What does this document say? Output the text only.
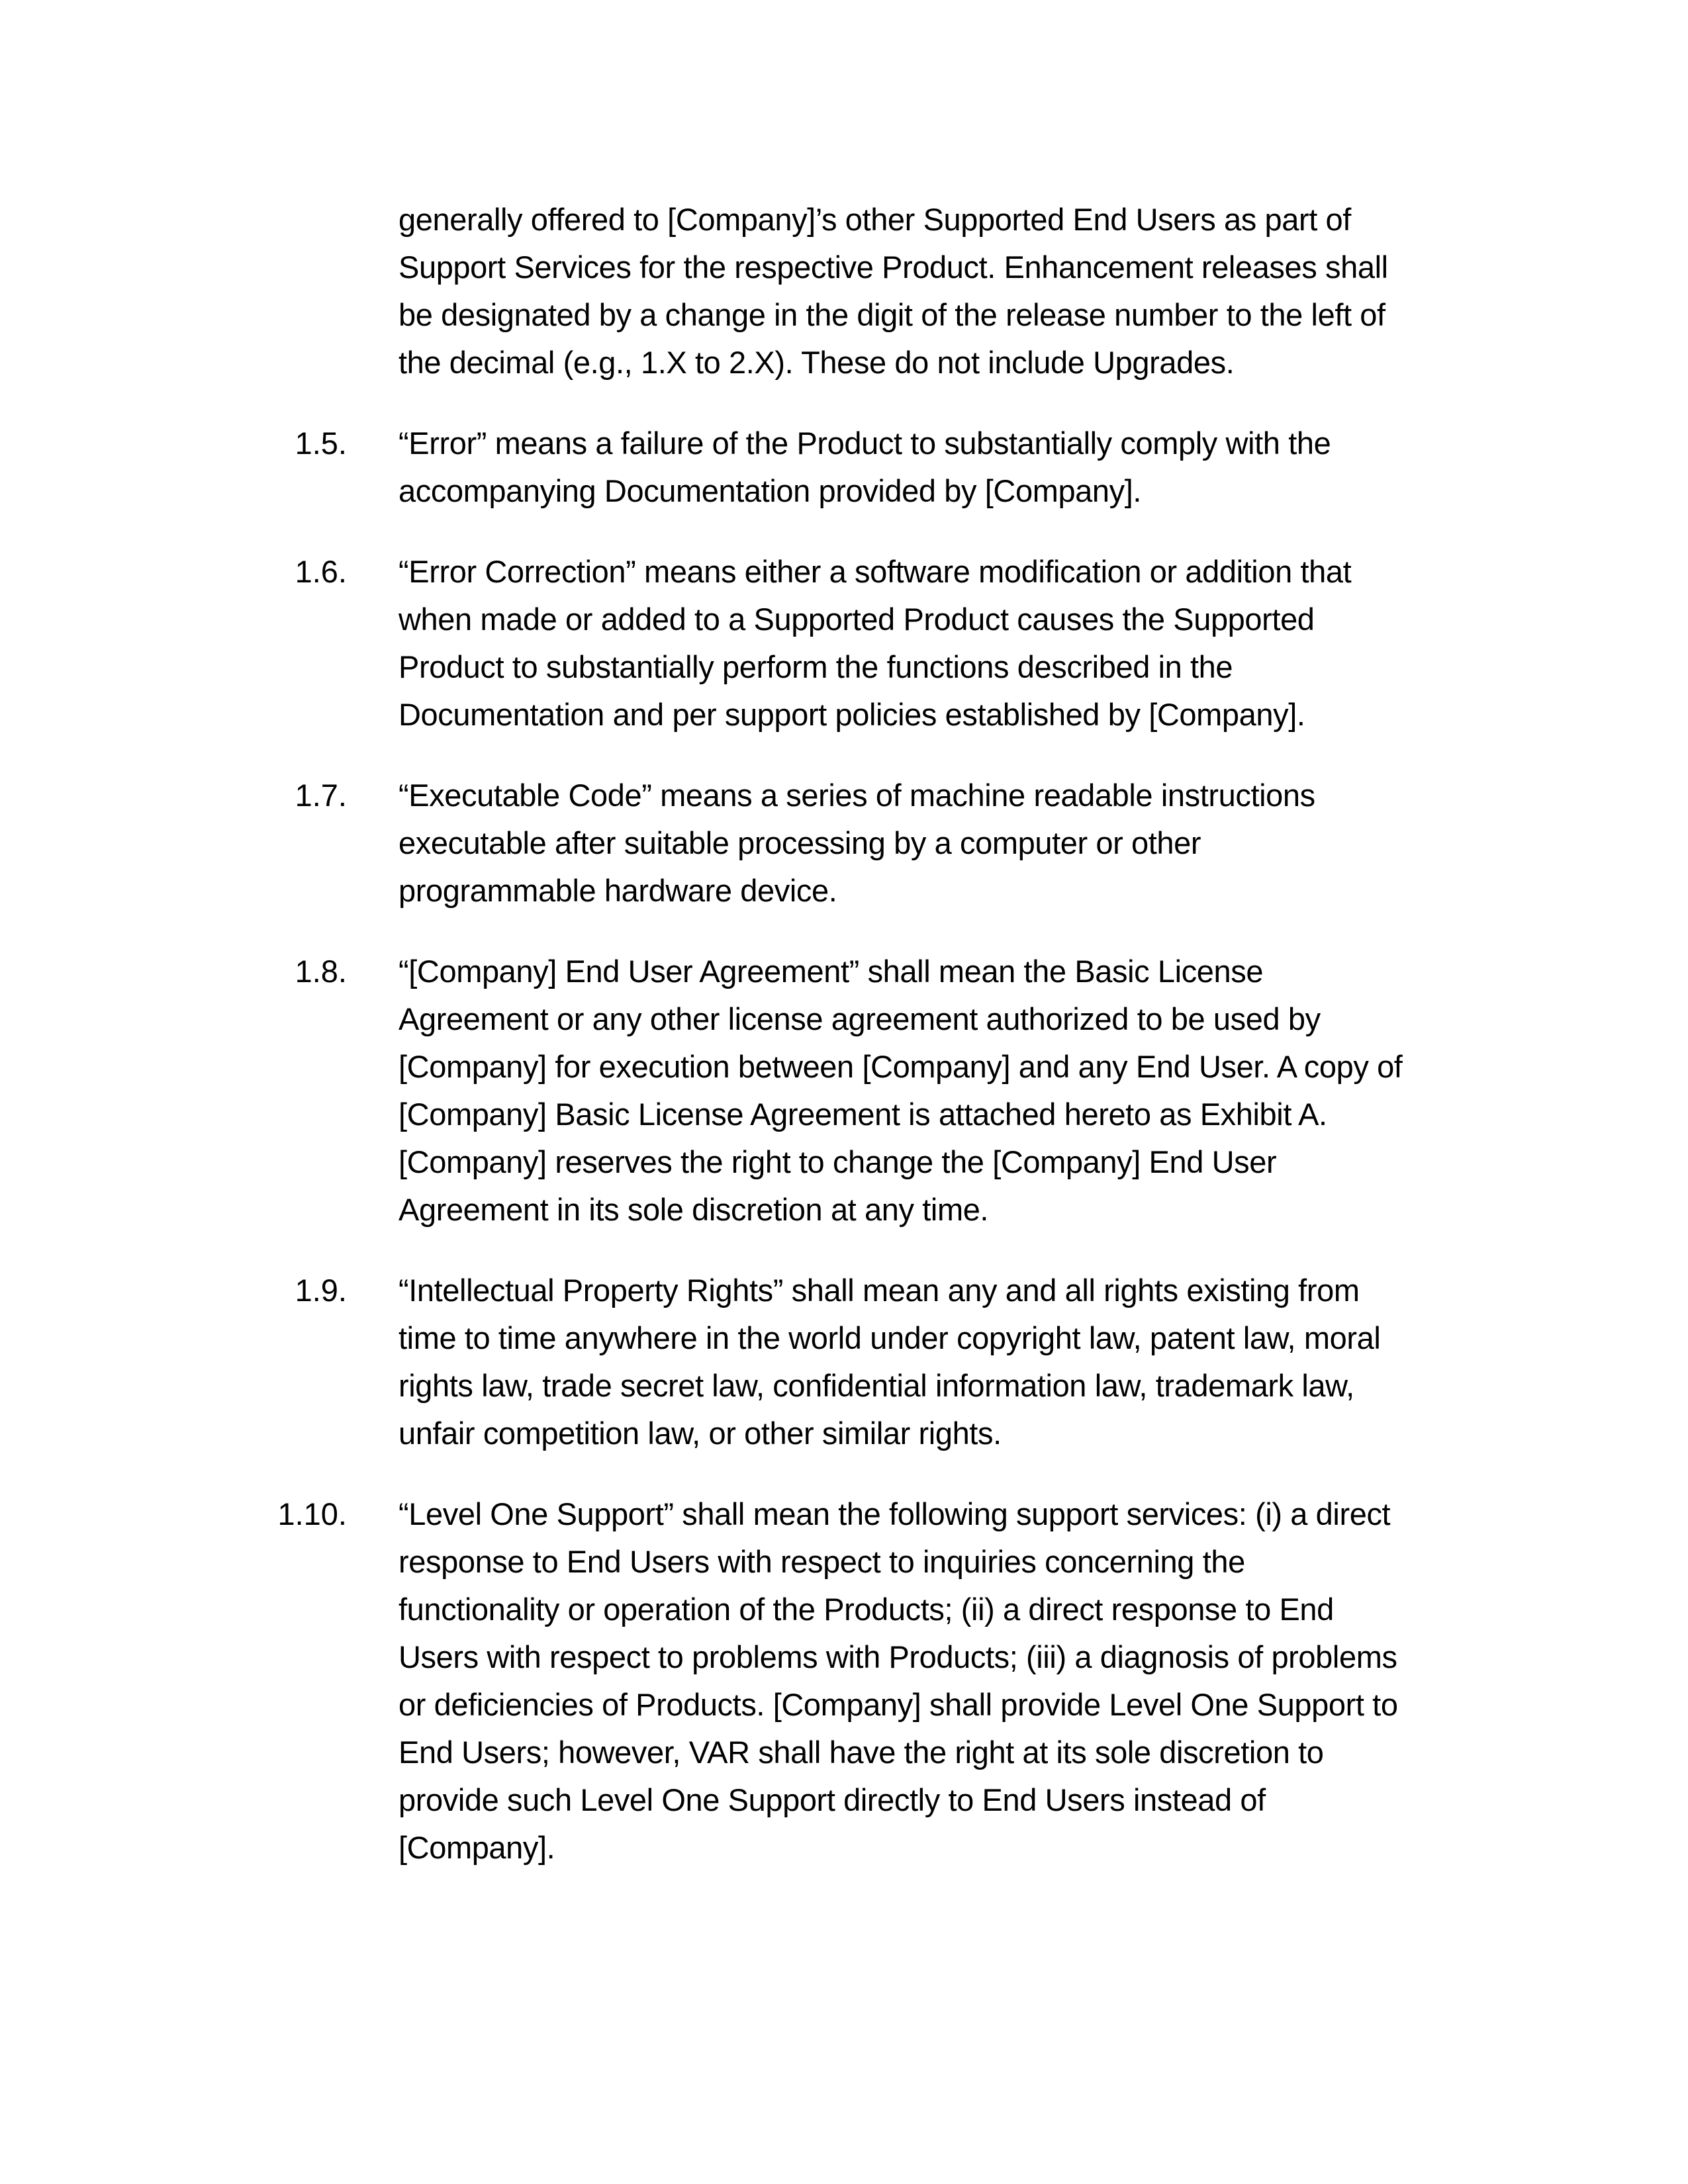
generally offered to [Company]’s other Supported End Users as part of
Support Services for the respective Product. Enhancement releases shall
be designated by a change in the digit of the release number to the left of
the decimal (e.g., 1.X to 2.X). These do not include Upgrades.
1.5. “Error” means a failure of the Product to substantially comply with the
accompanying Documentation provided by [Company].
1.6. “Error Correction” means either a software modification or addition that
when made or added to a Supported Product causes the Supported
Product to substantially perform the functions described in the
Documentation and per support policies established by [Company].
1.7. “Executable Code” means a series of machine readable instructions
executable after suitable processing by a computer or other
programmable hardware device.
1.8. “[Company] End User Agreement” shall mean the Basic License
Agreement or any other license agreement authorized to be used by
[Company] for execution between [Company] and any End User. A copy of
[Company] Basic License Agreement is attached hereto as Exhibit A.
[Company] reserves the right to change the [Company] End User
Agreement in its sole discretion at any time.
1.9. “Intellectual Property Rights” shall mean any and all rights existing from
time to time anywhere in the world under copyright law, patent law, moral
rights law, trade secret law, confidential information law, trademark law,
unfair competition law, or other similar rights.
1.10. “Level One Support” shall mean the following support services: (i) a direct
response to End Users with respect to inquiries concerning the
functionality or operation of the Products; (ii) a direct response to End
Users with respect to problems with Products; (iii) a diagnosis of problems
or deficiencies of Products. [Company] shall provide Level One Support to
End Users; however, VAR shall have the right at its sole discretion to
provide such Level One Support directly to End Users instead of
[Company].
